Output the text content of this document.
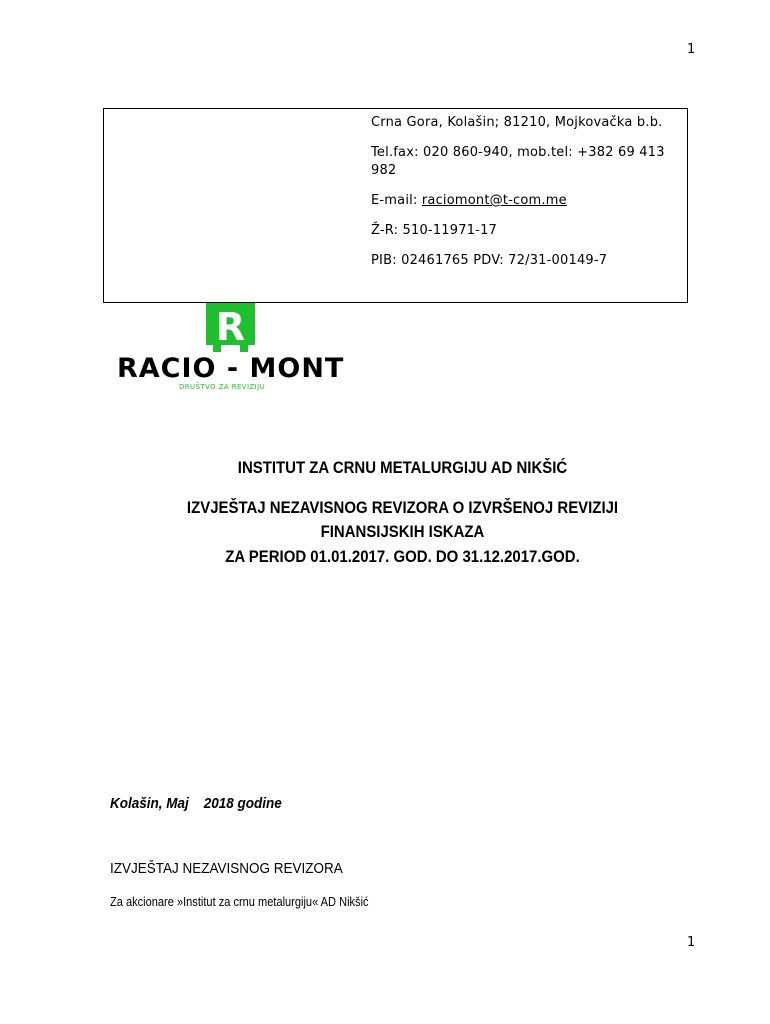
1

Crna Gora, Kolašin; 81210, Mojkovačka b.b.

Tel.fax: 020 860-940, mob.tel: +382 69 413 982

E-mail: raciomont@t-com.me

Ž-R: 510-11971-17

PIB: 02461765 PDV: 72/31-00149-7

R
RACIO - MONT
DRUŠTVO ZA REVIZIJU
INSTITUT ZA CRNU METALURGIJU AD NIKŠIĆ
IZVJEŠTAJ NEZAVISNOG REVIZORA O IZVRŠENOJ REVIZIJI
FINANSIJSKIH ISKAZA
ZA PERIOD 01.01.2017. GOD. DO 31.12.2017.GOD.
Kolašin, Maj    2018 godine
IZVJEŠTAJ NEZAVISNOG REVIZORA
Za akcionare »Institut za crnu metalurgiju« AD Nikšić
1
